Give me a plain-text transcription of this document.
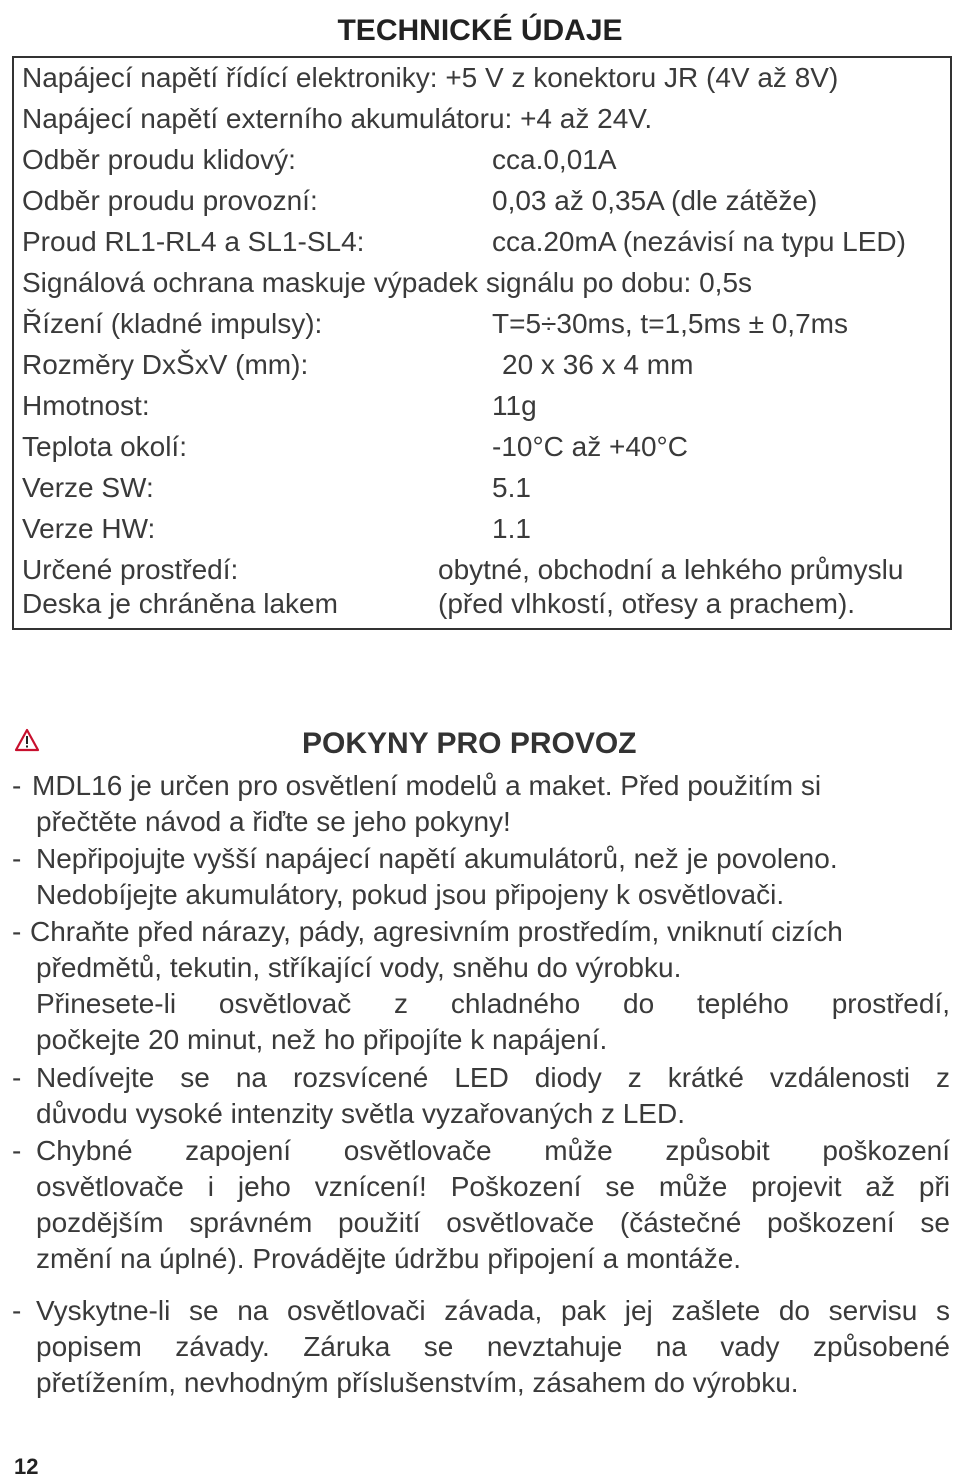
TECHNICKÉ ÚDAJE
Napájecí napětí řídící elektroniky: +5 V z konektoru JR (4V až 8V)
Napájecí napětí externího akumulátoru: +4 až 24V.
Odběr proudu klidový:	cca.0,01A
Odběr proudu provozní:	0,03 až 0,35A (dle zátěže)
Proud RL1-RL4 a SL1-SL4:	cca.20mA (nezávisí na typu LED)
Signálová ochrana maskuje výpadek signálu po dobu: 0,5s
Řízení (kladné impulsy):	T=5÷30ms, t=1,5ms ± 0,7ms
Rozměry DxŠxV (mm):	20 x 36 x 4 mm
Hmotnost:	11g
Teplota okolí:	-10°C až +40°C
Verze SW:	5.1
Verze HW:	1.1
Určené prostředí:	obytné, obchodní a lehkého průmyslu
Deska je chráněna lakem	(před vlhkostí, otřesy a prachem).
POKYNY PRO PROVOZ
- MDL16 je určen pro osvětlení modelů a maket. Před použitím si
přečtěte návod a řiďte se jeho pokyny!
- Nepřipojujte vyšší napájecí napětí akumulátorů, než je povoleno.
Nedobíjejte akumulátory, pokud jsou připojeny k osvětlovači.
- Chraňte před nárazy, pády, agresivním prostředím, vniknutí cizích
předmětů, tekutin, stříkající vody, sněhu do výrobku.
Přinesete-li osvětlovač z chladného do teplého prostředí,
počkejte 20 minut, než ho připojíte k napájení.
- Nedívejte se na rozsvícené LED diody z krátké vzdálenosti z
důvodu vysoké intenzity světla vyzařovaných z LED.
- Chybné zapojení osvětlovače může způsobit poškození
osvětlovače i jeho vznícení! Poškození se může projevit až při
pozdějším správném použití osvětlovače (částečné poškození se
změní na úplné). Provádějte údržbu připojení a montáže.
- Vyskytne-li se na osvětlovači závada, pak jej zašlete do servisu s
popisem závady. Záruka se nevztahuje na vady způsobené
přetížením, nevhodným příslušenstvím, zásahem do výrobku.
12
